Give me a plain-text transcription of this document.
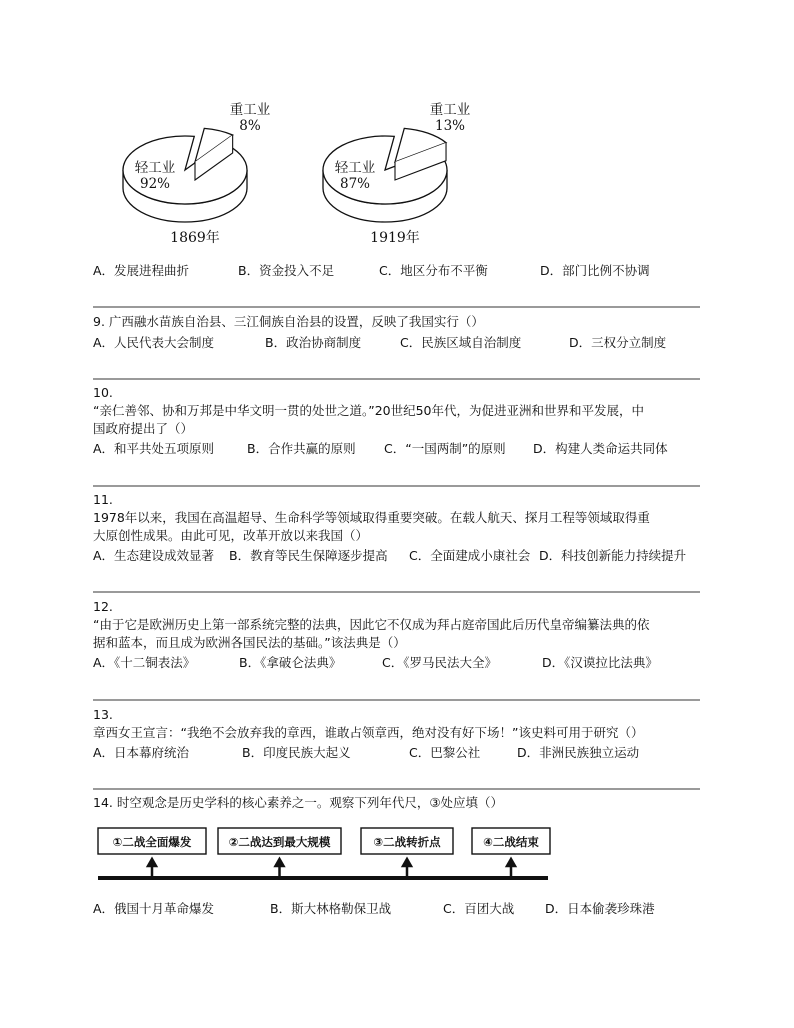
重工业
8%
轻工业
92%
1869年
重工业
13%
轻工业
87%
1919年
A．发展进程曲折	B．资金投入不足	C．地区分布不平衡	D．部门比例不协调
9. 广西融水苗族自治县、三江侗族自治县的设置，反映了我国实行（）
A．人民代表大会制度	B．政治协商制度	C．民族区域自治制度	D．三权分立制度
10.
“亲仁善邻、协和万邦是中华文明一贯的处世之道。”20世纪50年代，为促进亚洲和世界和平发展，中
国政府提出了（）
A．和平共处五项原则	B．合作共赢的原则 C．“一国两制”的原则 D．构建人类命运共同体
11.
1978年以来，我国在高温超导、生命科学等领域取得重要突破。在载人航天、探月工程等领域取得重
大原创性成果。由此可见，改革开放以来我国（）
A．生态建设成效显著 B．教育等民生保障逐步提高 C．全面建成小康社会 D．科技创新能力持续提升
12.
“由于它是欧洲历史上第一部系统完整的法典，因此它不仅成为拜占庭帝国此后历代皇帝编纂法典的依
据和蓝本，而且成为欧洲各国民法的基础。”该法典是（）
A．《十二铜表法》	B．《拿破仑法典》	C．《罗马民法大全》	D．《汉谟拉比法典》
13.
章西女王宣言：“我绝不会放弃我的章西，谁敢占领章西，绝对没有好下场！”该史料可用于研究（）
A．日本幕府统治	B．印度民族大起义	C．巴黎公社	D．非洲民族独立运动
14. 时空观念是历史学科的核心素养之一。观察下列年代尺，③处应填（）
①二战全面爆发	②二战达到最大规模	③二战转折点	④二战结束
A．俄国十月革命爆发	B．斯大林格勒保卫战	C．百团大战 D．日本偷袭珍珠港
